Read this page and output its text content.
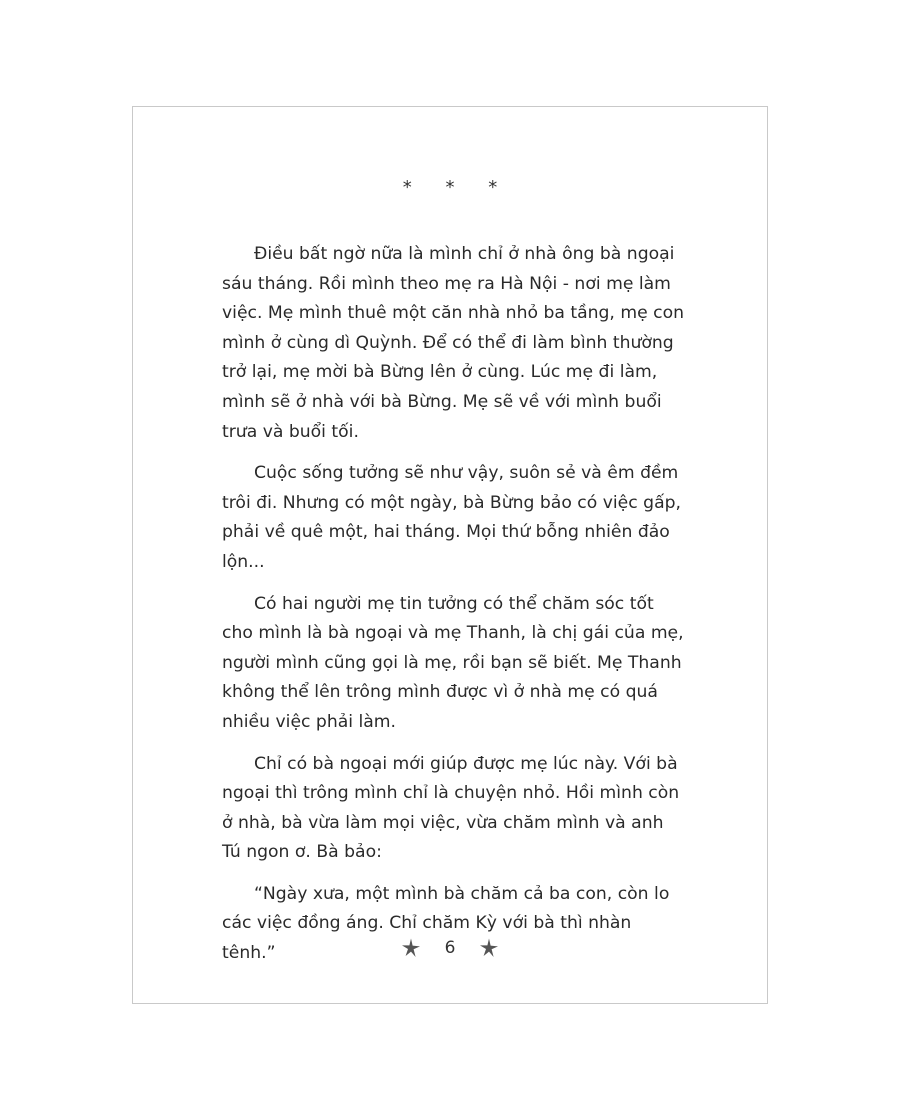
* * *

Điều bất ngờ nữa là mình chỉ ở nhà ông bà ngoại sáu tháng. Rồi mình theo mẹ ra Hà Nội - nơi mẹ làm việc. Mẹ mình thuê một căn nhà nhỏ ba tầng, mẹ con mình ở cùng dì Quỳnh. Để có thể đi làm bình thường trở lại, mẹ mời bà Bừng lên ở cùng. Lúc mẹ đi làm, mình sẽ ở nhà với bà Bừng. Mẹ sẽ về với mình buổi trưa và buổi tối.

Cuộc sống tưởng sẽ như vậy, suôn sẻ và êm đềm trôi đi. Nhưng có một ngày, bà Bừng bảo có việc gấp, phải về quê một, hai tháng. Mọi thứ bỗng nhiên đảo lộn...

Có hai người mẹ tin tưởng có thể chăm sóc tốt cho mình là bà ngoại và mẹ Thanh, là chị gái của mẹ, người mình cũng gọi là mẹ, rồi bạn sẽ biết. Mẹ Thanh không thể lên trông mình được vì ở nhà mẹ có quá nhiều việc phải làm.

Chỉ có bà ngoại mới giúp được mẹ lúc này. Với bà ngoại thì trông mình chỉ là chuyện nhỏ. Hồi mình còn ở nhà, bà vừa làm mọi việc, vừa chăm mình và anh Tú ngon ơ. Bà bảo:

“Ngày xưa, một mình bà chăm cả ba con, còn lo các việc đồng áng. Chỉ chăm Kỳ với bà thì nhàn tênh.”	6
